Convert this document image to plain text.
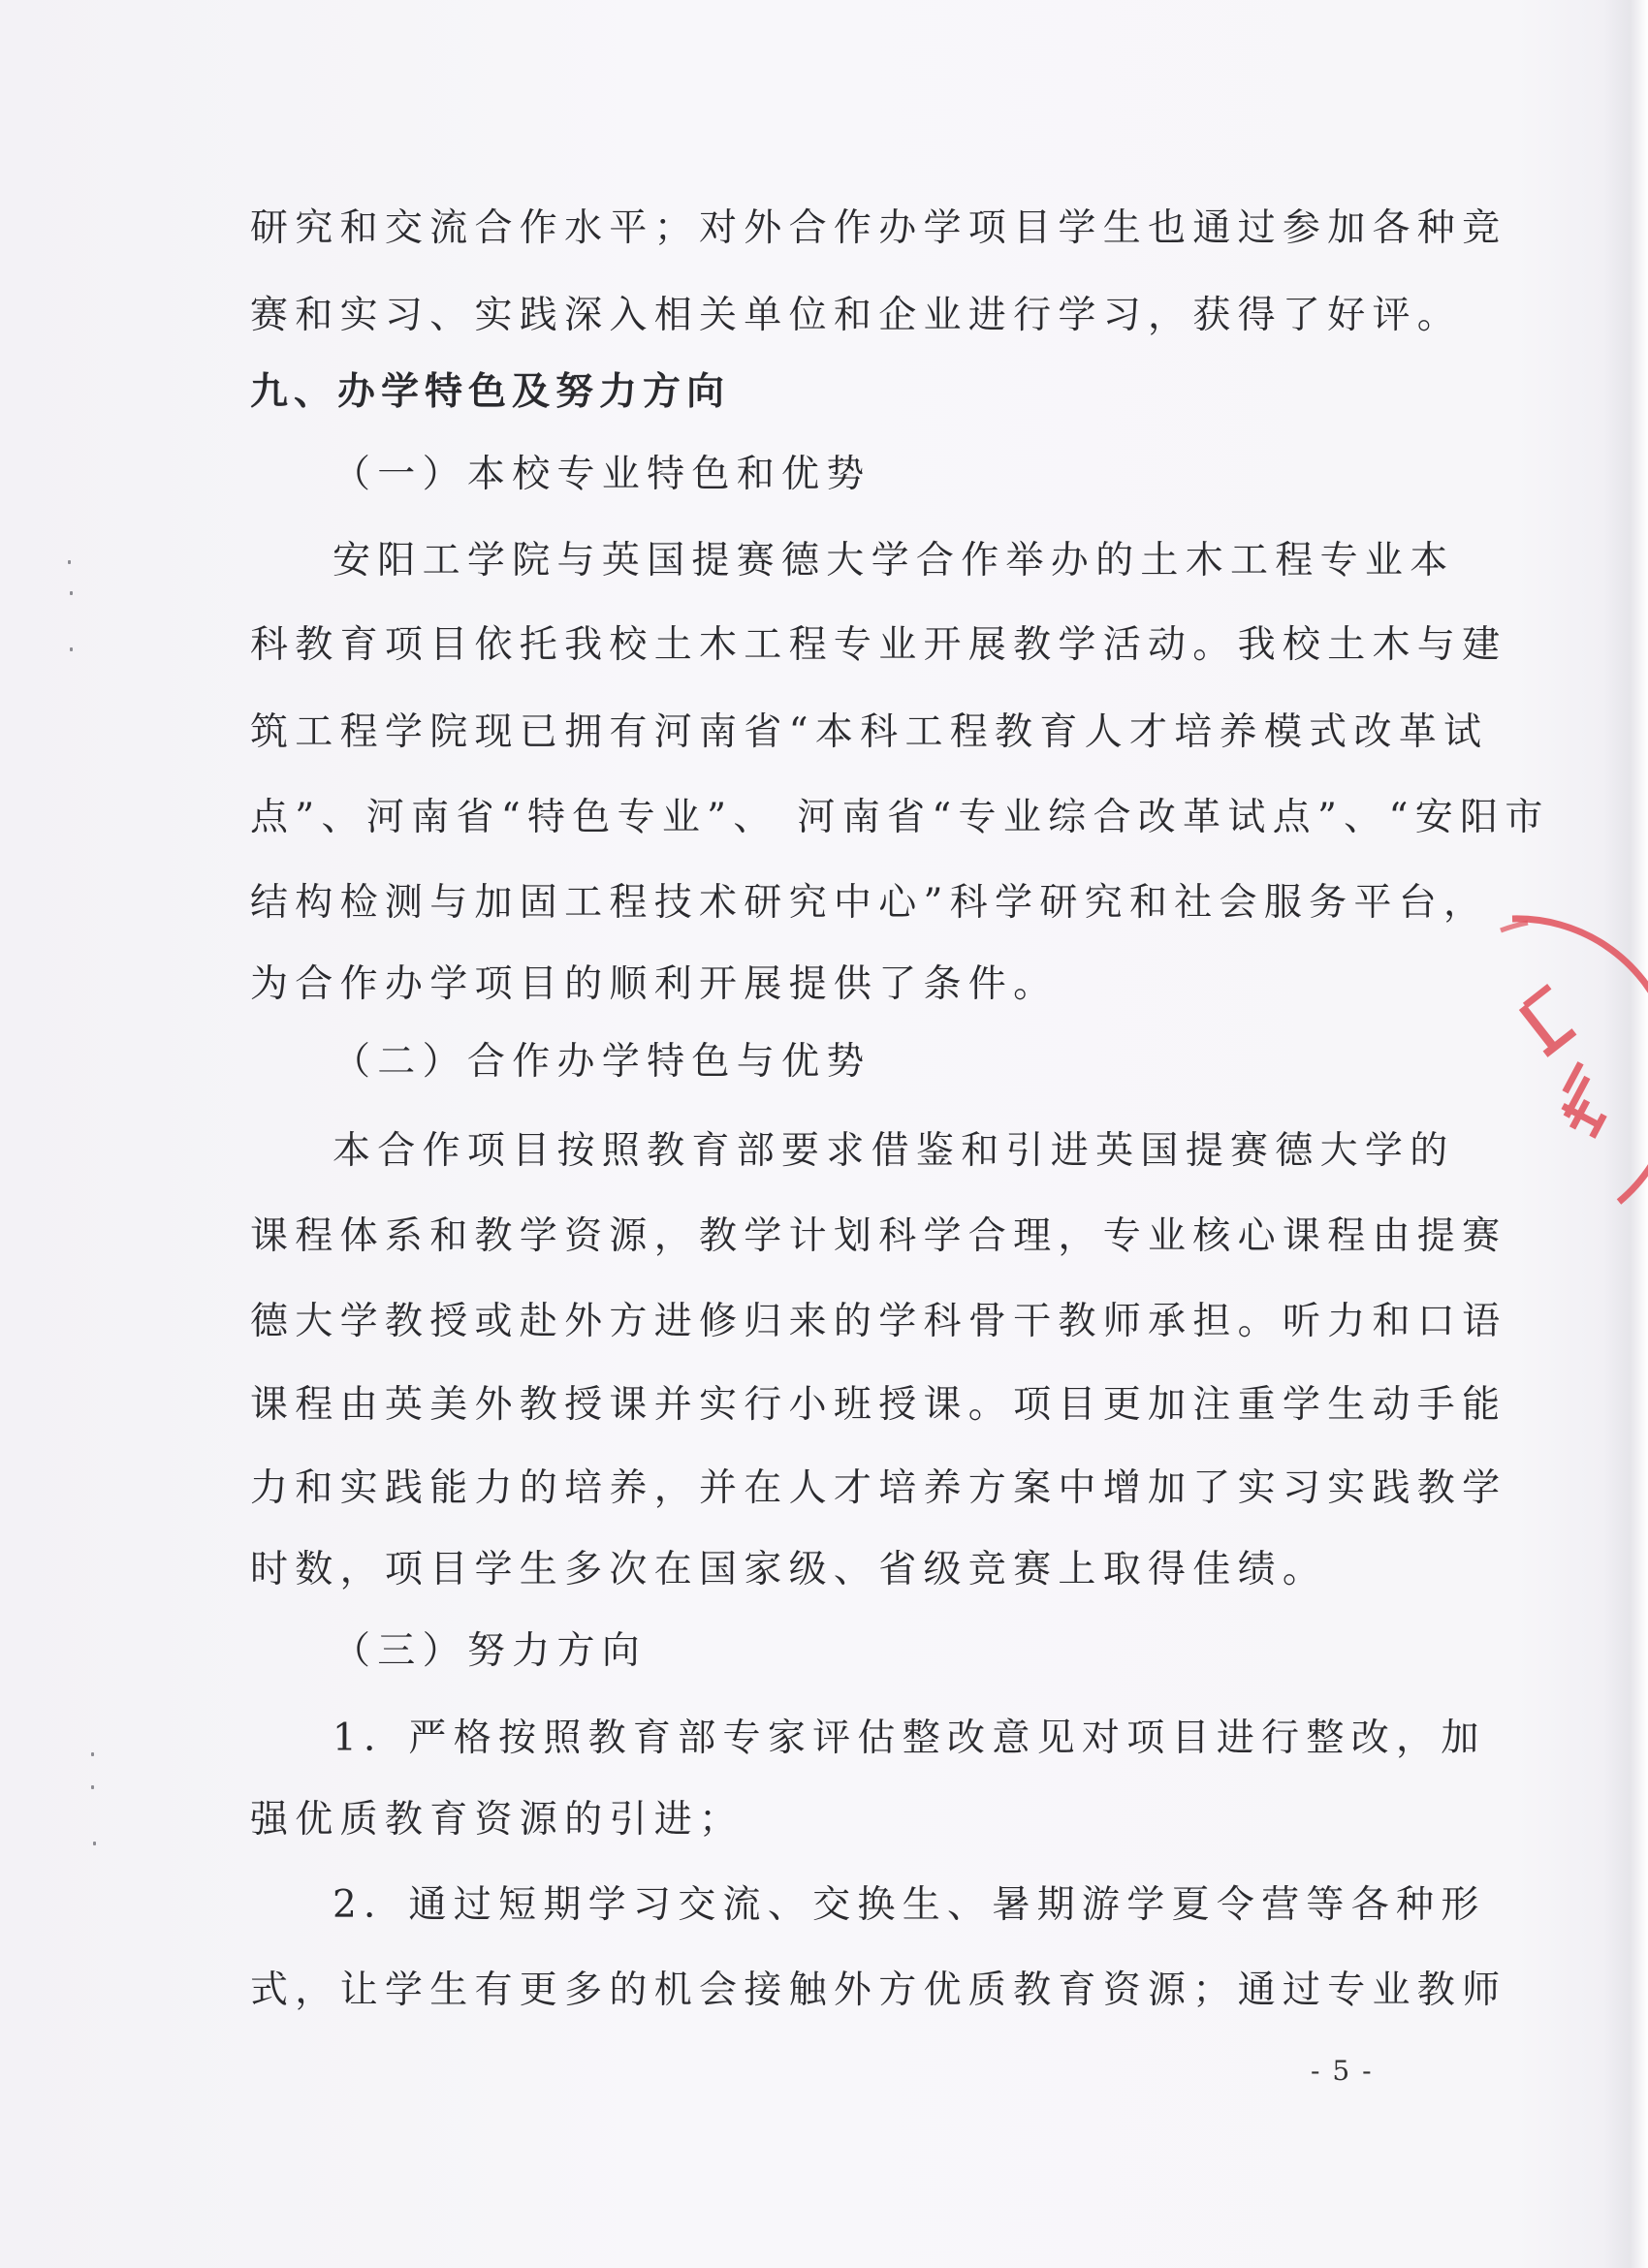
研究和交流合作水平；对外合作办学项目学生也通过参加各种竞
赛和实习、实践深入相关单位和企业进行学习，获得了好评。
九、办学特色及努力方向
（一）本校专业特色和优势
安阳工学院与英国提赛德大学合作举办的土木工程专业本
科教育项目依托我校土木工程专业开展教学活动。我校土木与建
筑工程学院现已拥有河南省“本科工程教育人才培养模式改革试
点”、河南省“特色专业”、 河南省“专业综合改革试点”、“安阳市
结构检测与加固工程技术研究中心”科学研究和社会服务平台，
为合作办学项目的顺利开展提供了条件。
（二）合作办学特色与优势
本合作项目按照教育部要求借鉴和引进英国提赛德大学的
课程体系和教学资源，教学计划科学合理，专业核心课程由提赛
德大学教授或赴外方进修归来的学科骨干教师承担。听力和口语
课程由英美外教授课并实行小班授课。项目更加注重学生动手能
力和实践能力的培养，并在人才培养方案中增加了实习实践教学
时数，项目学生多次在国家级、省级竞赛上取得佳绩。
（三）努力方向
1．严格按照教育部专家评估整改意见对项目进行整改，加
强优质教育资源的引进；
2．通过短期学习交流、交换生、暑期游学夏令营等各种形
式，让学生有更多的机会接触外方优质教育资源；通过专业教师
- 5 -
